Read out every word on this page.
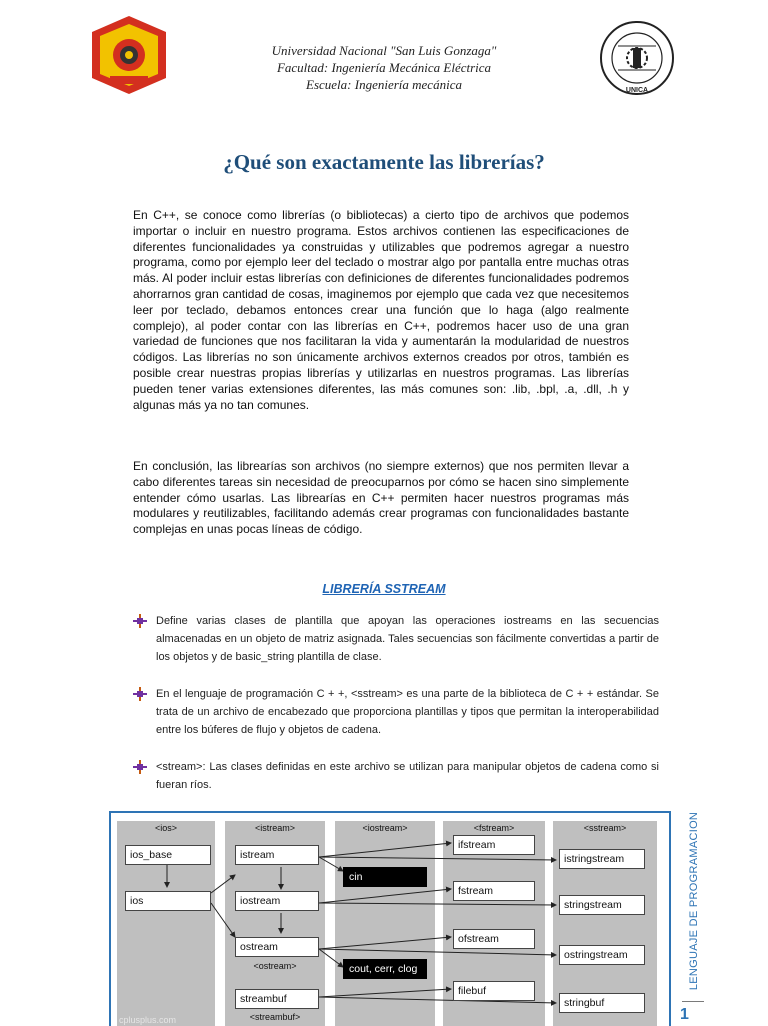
Universidad Nacional "San Luis Gonzaga"
Facultad: Ingeniería Mecánica Eléctrica
Escuela: Ingeniería mecánica	UNICA
¿Qué son exactamente las librerías?
En C++, se conoce como librerías (o bibliotecas) a cierto tipo de archivos que podemos importar o incluir en nuestro programa. Estos archivos contienen las especificaciones de diferentes funcionalidades ya construidas y utilizables que podremos agregar a nuestro programa, como por ejemplo leer del teclado o mostrar algo por pantalla entre muchas otras más. Al poder incluir estas librerías con definiciones de diferentes funcionalidades podremos ahorrarnos gran cantidad de cosas, imaginemos por ejemplo que cada vez que necesitemos leer por teclado, debamos entonces crear una función que lo haga (algo realmente complejo), al poder contar con las librerías en C++, podremos hacer uso de una gran variedad de funciones que nos facilitaran la vida y aumentarán la modularidad de nuestros códigos. Las librerías no son únicamente archivos externos creados por otros, también es posible crear nuestras propias librerías y utilizarlas en nuestros programas. Las librerías pueden tener varias extensiones diferentes, las más comunes son: .lib, .bpl, .a, .dll, .h y algunas más ya no tan comunes.
En conclusión, las librearías son archivos (no siempre externos) que nos permiten llevar a cabo diferentes tareas sin necesidad de preocuparnos por cómo se hacen sino simplemente entender cómo usarlas. Las librearías en C++ permiten hacer nuestros programas más modulares y reutilizables, facilitando además crear programas con funcionalidades bastante complejas en unas pocas líneas de código.
LIBRERÍA SSTREAM
Define varias clases de plantilla que apoyan las operaciones iostreams en las secuencias almacenadas en un objeto de matriz asignada. Tales secuencias son fácilmente convertidas a partir de los objetos y de basic_string plantilla de clase.
En el lenguaje de programación C + +, <sstream> es una parte de la biblioteca de C + + estándar. Se trata de un archivo de encabezado que proporciona plantillas y tipos que permitan la interoperabilidad entre los búferes de flujo y objetos de cadena.
<stream>: Las clases definidas en este archivo se utilizan para manipular objetos de cadena como si fueran ríos.
<ios>	<istream>	<iostream>	<fstream>	<sstream>
ios_base
ios
istream
iostream
ostream
<ostream>
streambuf
<streambuf>
cin
cout, cerr, clog
ifstream
fstream
ofstream
filebuf
istringstream
stringstream
ostringstream
stringbuf
cplusplus.com
LENGUAJE DE PROGRAMACION
1
